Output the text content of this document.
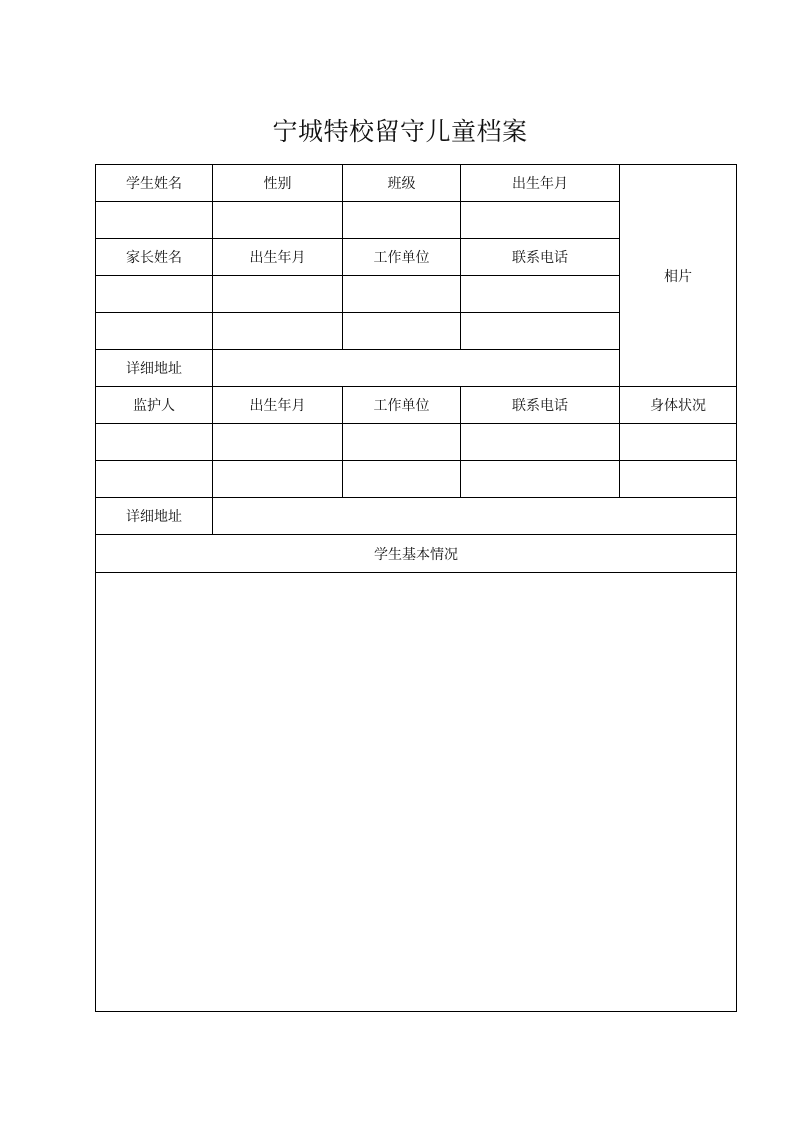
宁城特校留守儿童档案
学生姓名	性别	班级	出生年月	相片

家长姓名	出生年月	工作单位	联系电话	

详细地址				
监护人	出生年月	工作单位	联系电话	身体状况

详细地址				
学生基本情况				
